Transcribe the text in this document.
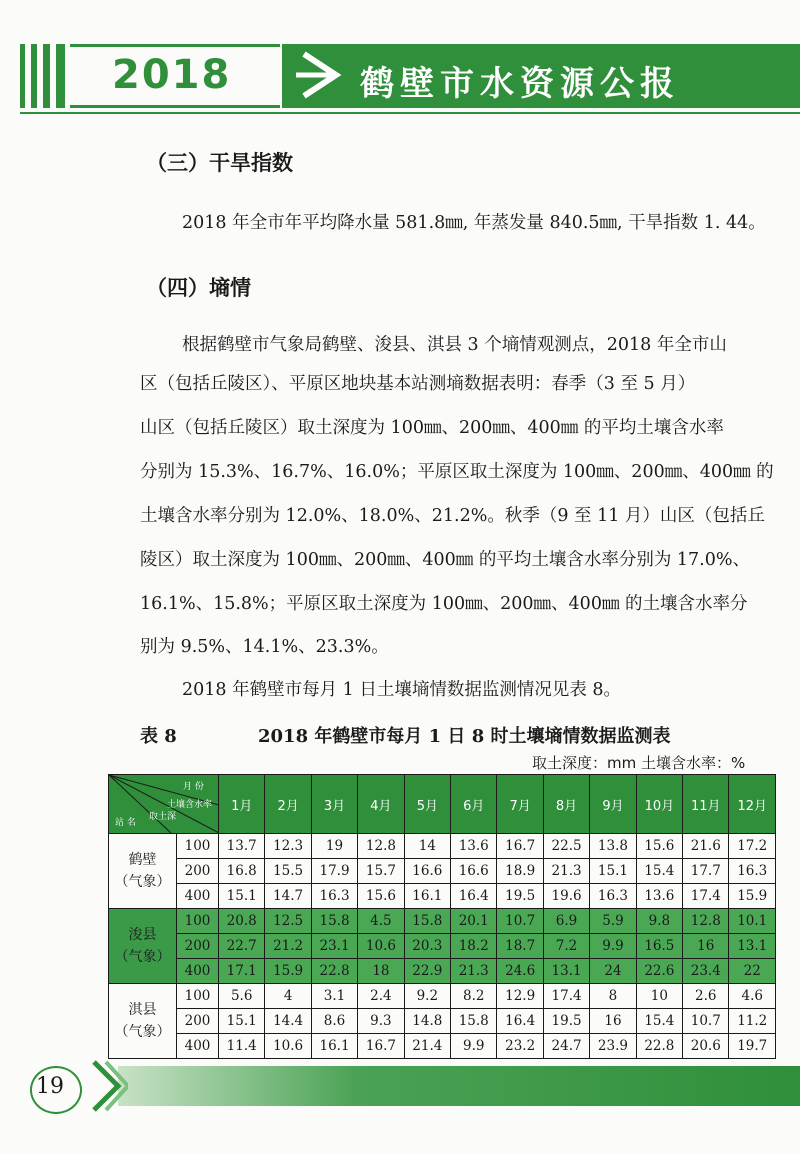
2018	鹤壁市水资源公报
（三）干旱指数
2018 年全市年平均降水量 581.8㎜, 年蒸发量 840.5㎜, 干旱指数 1. 44。
（四）墒情
根据鹤壁市气象局鹤壁、浚县、淇县 3 个墒情观测点，2018 年全市山
区（包括丘陵区）、平原区地块基本站测墒数据表明：春季（3 至 5 月）
山区（包括丘陵区）取土深度为 100㎜、200㎜、400㎜ 的平均土壤含水率
分别为 15.3%、16.7%、16.0%；平原区取土深度为 100㎜、200㎜、400㎜ 的
土壤含水率分别为 12.0%、18.0%、21.2%。秋季（9 至 11 月）山区（包括丘
陵区）取土深度为 100㎜、200㎜、400㎜ 的平均土壤含水率分别为 17.0%、
16.1%、15.8%；平原区取土深度为 100㎜、200㎜、400㎜ 的土壤含水率分
别为 9.5%、14.1%、23.3%。
2018 年鹤壁市每月 1 日土壤墒情数据监测情况见表 8。
表 8	2018 年鹤壁市每月 1 日 8 时土壤墒情数据监测表
取土深度：mm 土壤含水率：%
月 份
土壤含水率
取土深
站 名		1月	2月	3月	4月	5月	6月	7月	8月	9月	10月	11月	12月

鹤壁
（气象）	100	13.7	12.3	19	12.8	14	13.6	16.7	22.5	13.8	15.6	21.6	17.2
	200	16.8	15.5	17.9	15.7	16.6	16.6	18.9	21.3	15.1	15.4	17.7	16.3
	400	15.1	14.7	16.3	15.6	16.1	16.4	19.5	19.6	16.3	13.6	17.4	15.9

浚县
（气象）	100	20.8	12.5	15.8	4.5	15.8	20.1	10.7	6.9	5.9	9.8	12.8	10.1
	200	22.7	21.2	23.1	10.6	20.3	18.2	18.7	7.2	9.9	16.5	16	13.1
	400	17.1	15.9	22.8	18	22.9	21.3	24.6	13.1	24	22.6	23.4	22

淇县
（气象）	100	5.6	4	3.1	2.4	9.2	8.2	12.9	17.4	8	10	2.6	4.6
	200	15.1	14.4	8.6	9.3	14.8	15.8	16.4	19.5	16	15.4	10.7	11.2
	400	11.4	10.6	16.1	16.7	21.4	9.9	23.2	24.7	23.9	22.8	20.6	19.7
19
